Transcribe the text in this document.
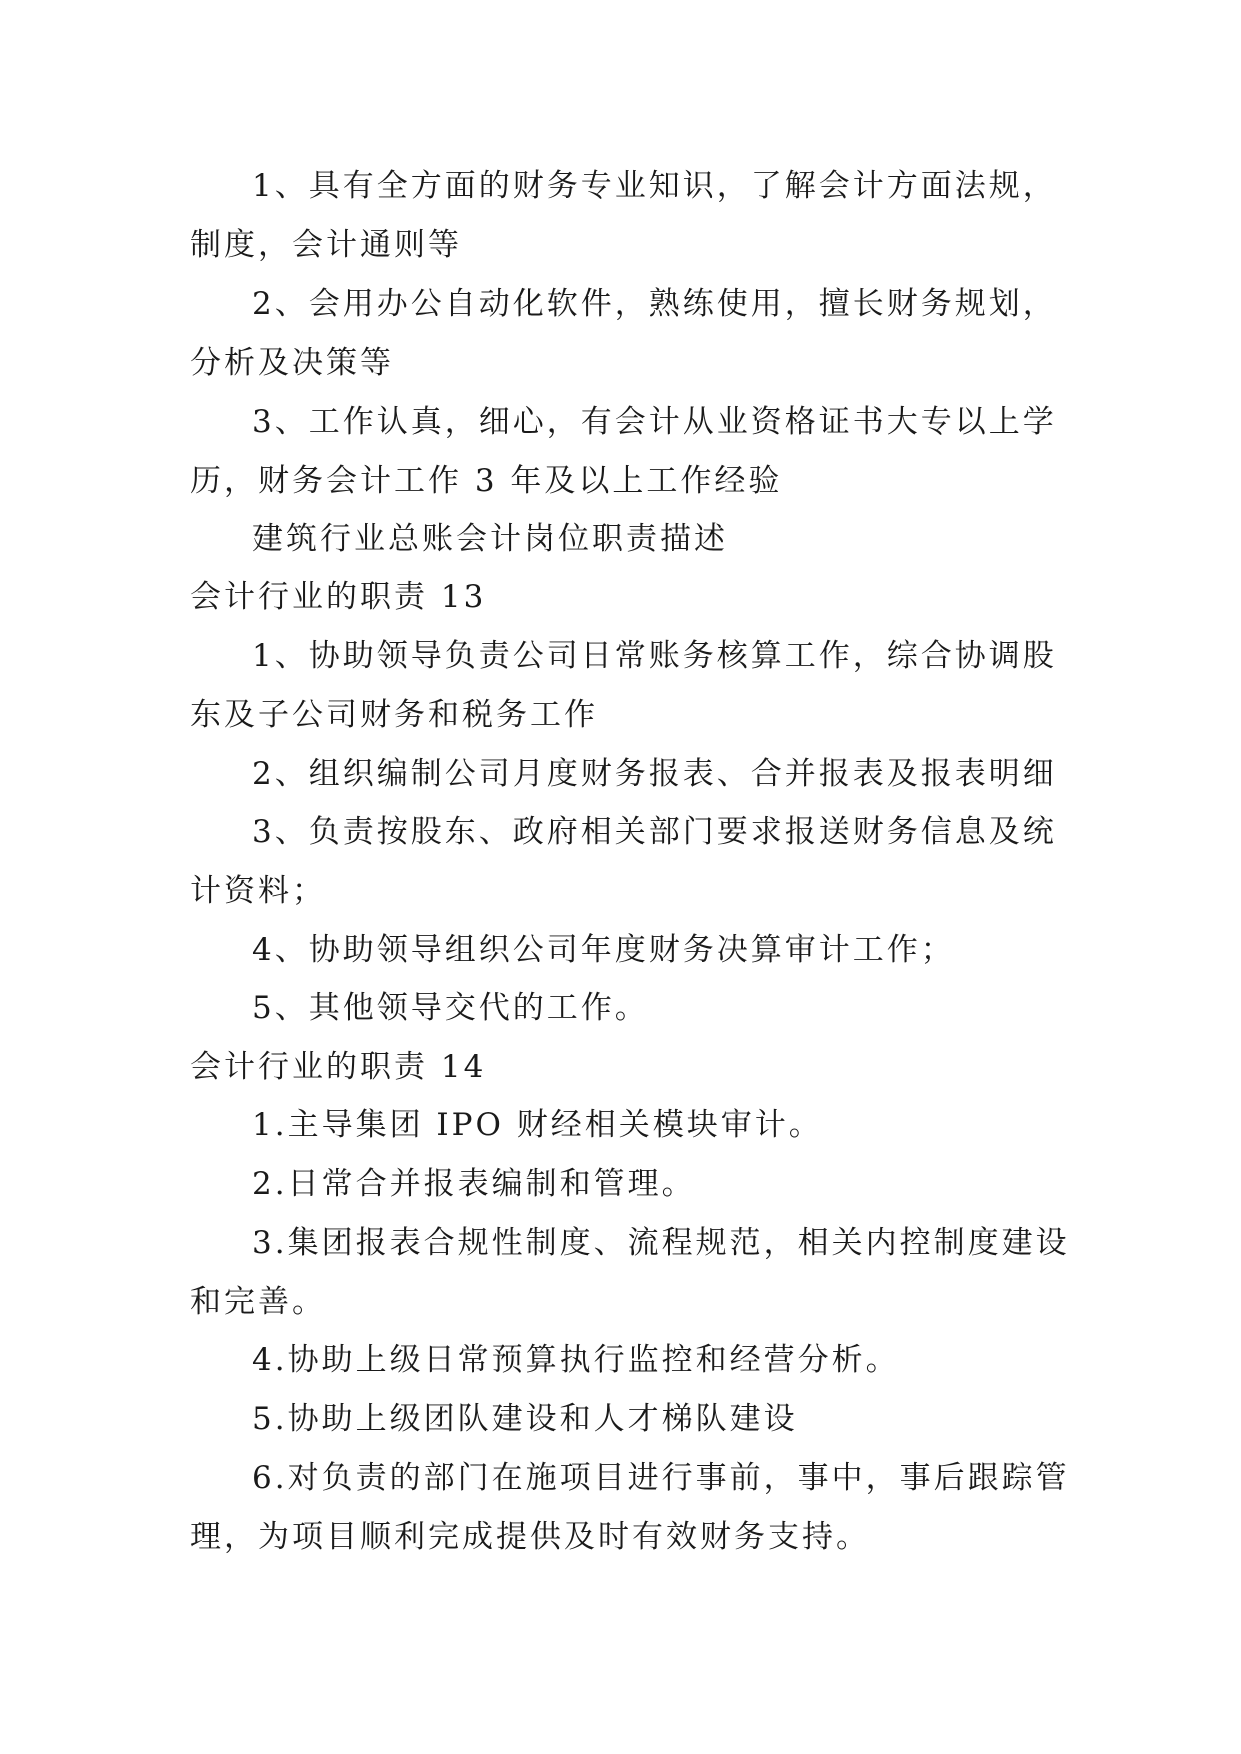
1、具有全方面的财务专业知识，了解会计方面法规，
制度，会计通则等
2、会用办公自动化软件，熟练使用，擅长财务规划，
分析及决策等
3、工作认真，细心，有会计从业资格证书大专以上学
历，财务会计工作 3 年及以上工作经验
建筑行业总账会计岗位职责描述
会计行业的职责 13
1、协助领导负责公司日常账务核算工作，综合协调股
东及子公司财务和税务工作
2、组织编制公司月度财务报表、合并报表及报表明细
3、负责按股东、政府相关部门要求报送财务信息及统
计资料；
4、协助领导组织公司年度财务决算审计工作；
5、其他领导交代的工作。
会计行业的职责 14
1.主导集团 IPO 财经相关模块审计。
2.日常合并报表编制和管理。
3.集团报表合规性制度、流程规范，相关内控制度建设
和完善。
4.协助上级日常预算执行监控和经营分析。
5.协助上级团队建设和人才梯队建设
6.对负责的部门在施项目进行事前，事中，事后跟踪管
理，为项目顺利完成提供及时有效财务支持。
